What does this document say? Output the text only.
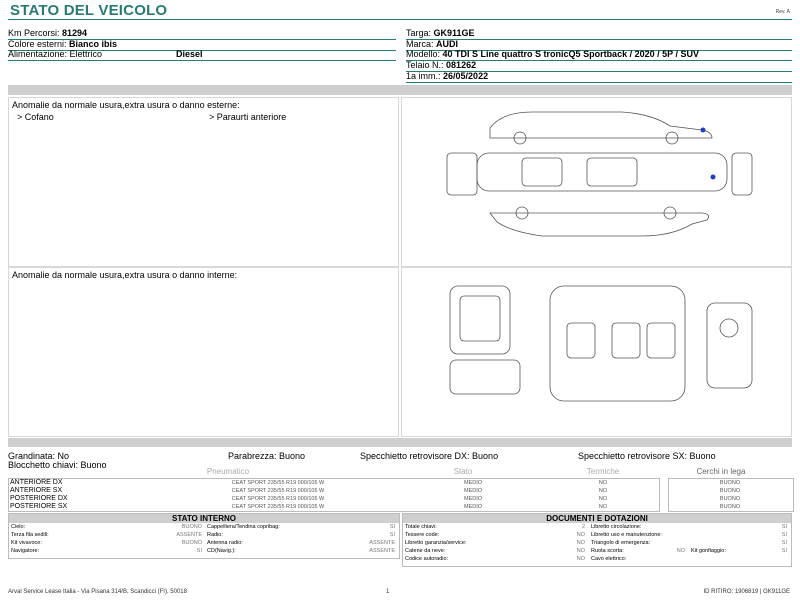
STATO DEL VEICOLO	Rev. A
Km Percorsi: 81294
Colore esterni: Bianco ibis
Alimentazione: Elettrico	Diesel
Targa: GK911GE
Marca: AUDI
Modello: 40 TDI S Line quattro S tronicQ5 Sportback / 2020 / 5P / SUV
Telaio N.: 081262
1a imm.: 26/05/2022
Anomalie da normale usura,extra usura o danno esterne:
> Cofano	> Paraurti anteriore
Anomalie da normale usura,extra usura o danno interne:
Grandinata: No	Parabrezza: Buono	Specchietto retrovisore DX: Buono	Specchietto retrovisore SX: Buono
Blocchetto chiavi: Buono
Pneumatico	Stato	Termiche	Cerchi in lega
ANTERIORE DX	CEAT SPORT 235/55 R19 000/105 W	MEDIO	NO	BUONO
ANTERIORE SX	CEAT SPORT 235/55 R19 000/105 W	MEDIO	NO	BUONO
POSTERIORE DX	CEAT SPORT 235/55 R19 000/105 W	MEDIO	NO	BUONO
POSTERIORE SX	CEAT SPORT 235/55 R19 000/105 W	MEDIO	NO	BUONO
STATO INTERNO
Cielo:	BUONO
Terza fila sedili:	ASSENTE
Kit vivavoce:	BUONO
Navigatore:	SI
Cappelliera/Tendina copribag:	SI
Radio:	SI
Antenna radio:	ASSENTE
CD(Navig.):	ASSENTE
DOCUMENTI E DOTAZIONI
Totale chiavi:	2
Tessere code:	NO
Libretto garanzia/service:	NO
Catene da neve:	NO
Codice autoradio:	NO
Libretto circolazione:	SI
Libretto uso e manutenzione:	SI
Triangolo di emergenza:	SI
Ruota scorta:	NO Kit gonfiaggio:	SI
Cavo elettrico:
Arval Service Lease Italia - Via Pisana 314/B, Scandicci (FI), 50018	1	ID RITIRO: 1906819 | GK911GE
